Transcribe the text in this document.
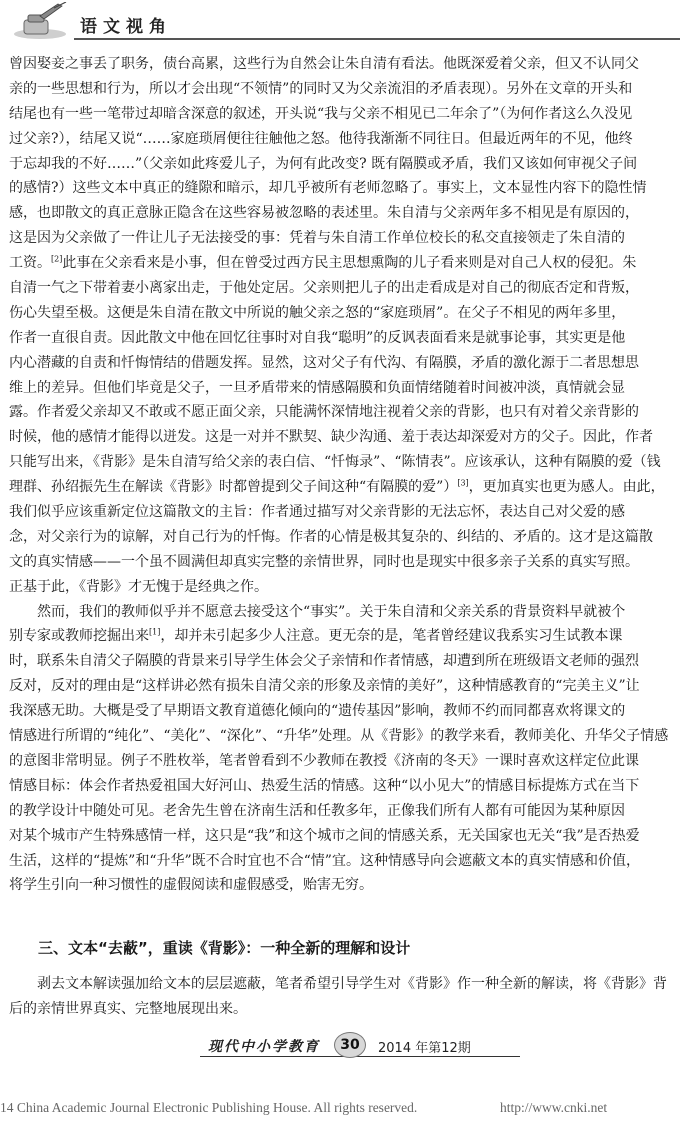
语文视角
曾因娶妾之事丢了职务，债台高累，这些行为自然会让朱自清有看法。他既深爱着父亲，但又不认同父
亲的一些思想和行为，所以才会出现“不领情”的同时又为父亲流泪的矛盾表现）。另外在文章的开头和
结尾也有一些一笔带过却暗含深意的叙述，开头说“我与父亲不相见已二年余了”（为何作者这么久没见
过父亲?），结尾又说“……家庭琐屑便往往触他之怒。他待我渐渐不同往日。但最近两年的不见，他终
于忘却我的不好……”（父亲如此疼爱儿子，为何有此改变? 既有隔膜或矛盾，我们又该如何审视父子间
的感情?）这些文本中真正的缝隙和暗示，却几乎被所有老师忽略了。事实上，文本显性内容下的隐性情
感，也即散文的真正意脉正隐含在这些容易被忽略的表述里。朱自清与父亲两年多不相见是有原因的，
这是因为父亲做了一件让儿子无法接受的事：凭着与朱自清工作单位校长的私交直接领走了朱自清的
工资。[2]此事在父亲看来是小事，但在曾受过西方民主思想熏陶的儿子看来则是对自己人权的侵犯。朱
自清一气之下带着妻小离家出走，于他处定居。父亲则把儿子的出走看成是对自己的彻底否定和背叛，
伤心失望至极。这便是朱自清在散文中所说的触父亲之怒的“家庭琐屑”。在父子不相见的两年多里，
作者一直很自责。因此散文中他在回忆往事时对自我“聪明”的反讽表面看来是就事论事，其实更是他
内心潜藏的自责和忏悔情结的借题发挥。显然，这对父子有代沟、有隔膜，矛盾的激化源于二者思想思
维上的差异。但他们毕竟是父子，一旦矛盾带来的情感隔膜和负面情绪随着时间被冲淡，真情就会显
露。作者爱父亲却又不敢或不愿正面父亲，只能满怀深情地注视着父亲的背影，也只有对着父亲背影的
时候，他的感情才能得以迸发。这是一对并不默契、缺少沟通、羞于表达却深爱对方的父子。因此，作者
只能写出来，《背影》是朱自清写给父亲的表白信、“忏悔录”、“陈情表”。应该承认，这种有隔膜的爱（钱
理群、孙绍振先生在解读《背影》时都曾提到父子间这种“有隔膜的爱”）[3]，更加真实也更为感人。由此，
我们似乎应该重新定位这篇散文的主旨：作者通过描写对父亲背影的无法忘怀，表达自己对父爱的感
念，对父亲行为的谅解，对自己行为的忏悔。作者的心情是极其复杂的、纠结的、矛盾的。这才是这篇散
文的真实情感——一个虽不圆满但却真实完整的亲情世界，同时也是现实中很多亲子关系的真实写照。
正基于此，《背影》才无愧于是经典之作。
　　然而，我们的教师似乎并不愿意去接受这个“事实”。关于朱自清和父亲关系的背景资料早就被个
别专家或教师挖掘出来[1]，却并未引起多少人注意。更无奈的是，笔者曾经建议我系实习生试教本课
时，联系朱自清父子隔膜的背景来引导学生体会父子亲情和作者情感，却遭到所在班级语文老师的强烈
反对，反对的理由是“这样讲必然有损朱自清父亲的形象及亲情的美好”，这种情感教育的“完美主义”让
我深感无助。大概是受了早期语文教育道德化倾向的“遗传基因”影响，教师不约而同都喜欢将课文的
情感进行所谓的“纯化”、“美化”、“深化”、“升华”处理。从《背影》的教学来看，教师美化、升华父子情感
的意图非常明显。例子不胜枚举，笔者曾看到不少教师在教授《济南的冬天》一课时喜欢这样定位此课
情感目标：体会作者热爱祖国大好河山、热爱生活的情感。这种“以小见大”的情感目标提炼方式在当下
的教学设计中随处可见。老舍先生曾在济南生活和任教多年，正像我们所有人都有可能因为某种原因
对某个城市产生特殊感情一样，这只是“我”和这个城市之间的情感关系，无关国家也无关“我”是否热爱
生活，这样的“提炼”和“升华”既不合时宜也不合“情”宜。这种情感导向会遮蔽文本的真实情感和价值，
将学生引向一种习惯性的虚假阅读和虚假感受，贻害无穷。
三、文本“去蔽”，重读《背影》：一种全新的理解和设计
　　剥去文本解读强加给文本的层层遮蔽，笔者希望引导学生对《背影》作一种全新的解读，将《背影》背
后的亲情世界真实、完整地展现出来。
现代中小学教育	30	2014 年第12期
14 China Academic Journal Electronic Publishing House. All rights reserved.	http://www.cnki.net
